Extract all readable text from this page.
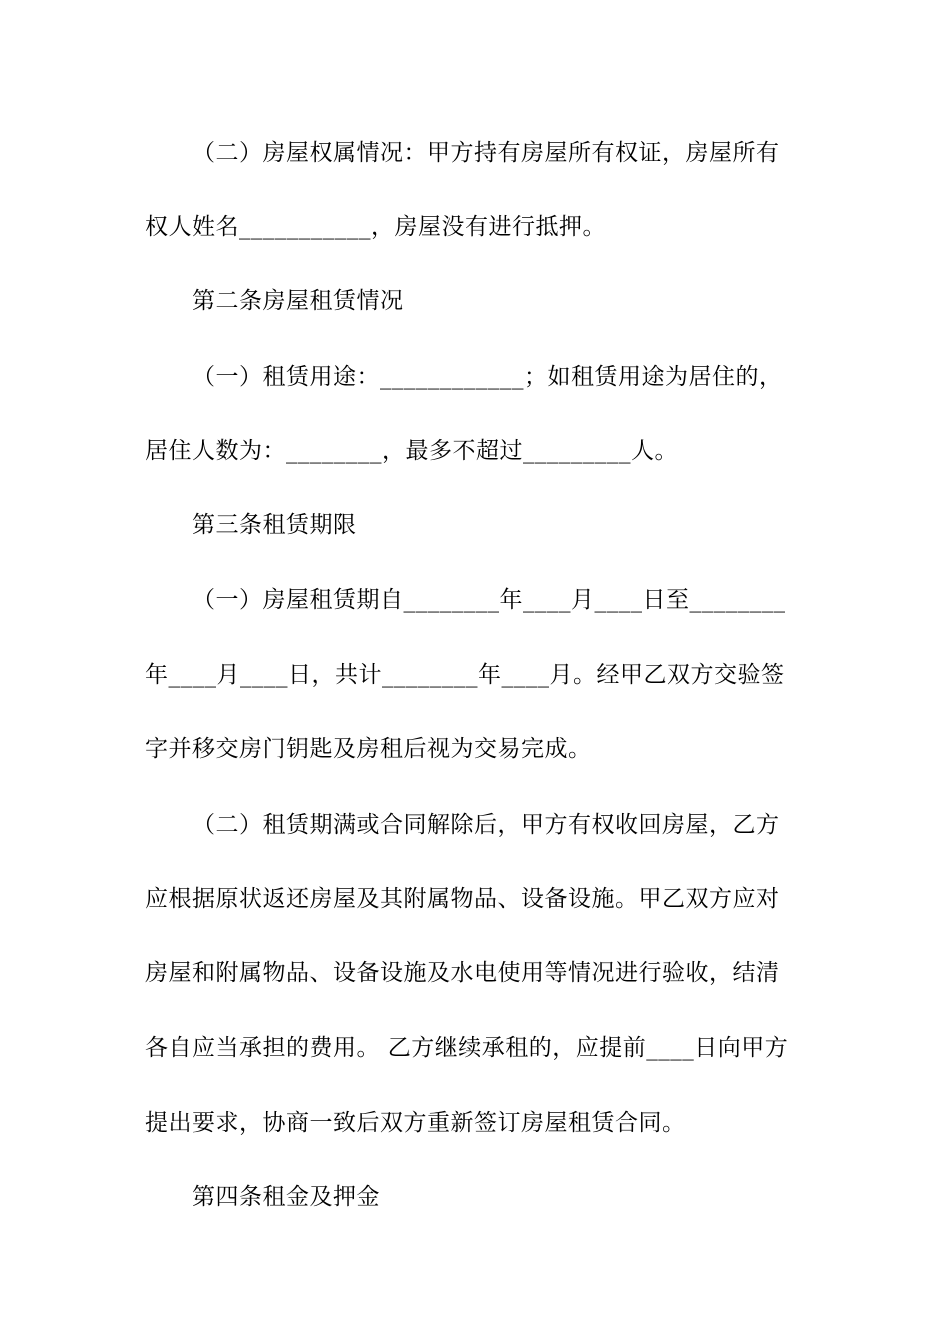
（二）房屋权属情况：甲方持有房屋所有权证，房屋所有
权人姓名___________，房屋没有进行抵押。
第二条房屋租赁情况
（一）租赁用途：____________；如租赁用途为居住的，
居住人数为：________，最多不超过_________人。
第三条租赁期限
（一）房屋租赁期自________年____月____日至________
年____月____日，共计________年____月。经甲乙双方交验签
字并移交房门钥匙及房租后视为交易完成。
（二）租赁期满或合同解除后，甲方有权收回房屋，乙方
应根据原状返还房屋及其附属物品、设备设施。甲乙双方应对
房屋和附属物品、设备设施及水电使用等情况进行验收，结清
各自应当承担的费用。 乙方继续承租的，应提前____日向甲方
提出要求，协商一致后双方重新签订房屋租赁合同。
第四条租金及押金
